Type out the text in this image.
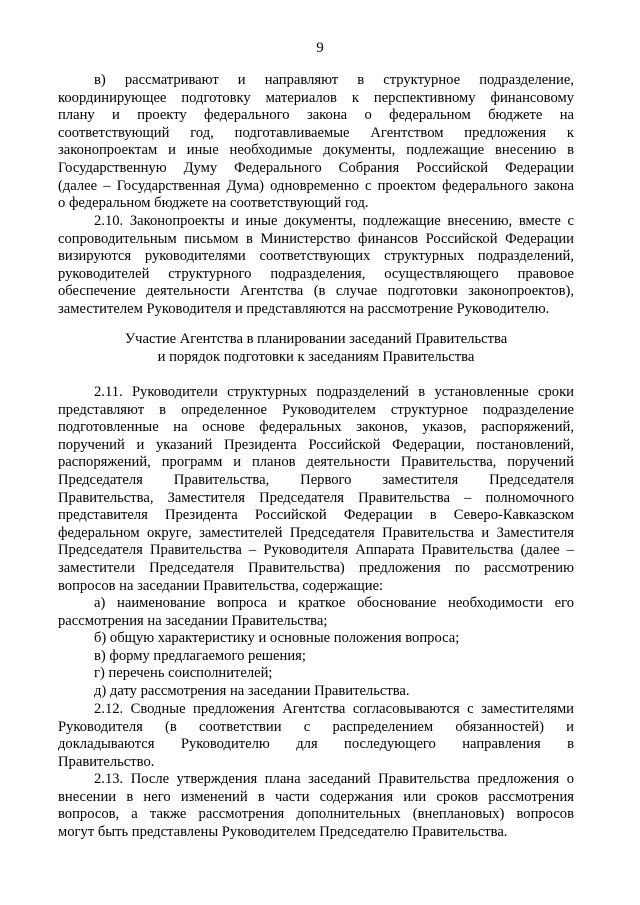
9
в) рассматривают и направляют в структурное подразделение,
координирующее подготовку материалов к перспективному финансовому
плану и проекту федерального закона о федеральном бюджете на
соответствующий год, подготавливаемые Агентством предложения к
законопроектам и иные необходимые документы, подлежащие внесению в
Государственную Думу Федерального Собрания Российской Федерации
(далее – Государственная Дума) одновременно с проектом федерального закона
о федеральном бюджете на соответствующий год.
2.10. Законопроекты и иные документы, подлежащие внесению, вместе с
сопроводительным письмом в Министерство финансов Российской Федерации
визируются руководителями соответствующих структурных подразделений,
руководителей структурного подразделения, осуществляющего правовое
обеспечение деятельности Агентства (в случае подготовки законопроектов),
заместителем Руководителя и представляются на рассмотрение Руководителю.
Участие Агентства в планировании заседаний Правительства
и порядок подготовки к заседаниям Правительства
2.11. Руководители структурных подразделений в установленные сроки
представляют в определенное Руководителем структурное подразделение
подготовленные на основе федеральных законов, указов, распоряжений,
поручений и указаний Президента Российской Федерации, постановлений,
распоряжений, программ и планов деятельности Правительства, поручений
Председателя Правительства, Первого заместителя Председателя
Правительства, Заместителя Председателя Правительства – полномочного
представителя Президента Российской Федерации в Северо-Кавказском
федеральном округе, заместителей Председателя Правительства и Заместителя
Председателя Правительства – Руководителя Аппарата Правительства (далее –
заместители Председателя Правительства) предложения по рассмотрению
вопросов на заседании Правительства, содержащие:
а) наименование вопроса и краткое обоснование необходимости его
рассмотрения на заседании Правительства;
б) общую характеристику и основные положения вопроса;
в) форму предлагаемого решения;
г) перечень соисполнителей;
д) дату рассмотрения на заседании Правительства.
2.12. Сводные предложения Агентства согласовываются с заместителями
Руководителя (в соответствии с распределением обязанностей) и
докладываются Руководителю для последующего направления в
Правительство.
2.13. После утверждения плана заседаний Правительства предложения о
внесении в него изменений в части содержания или сроков рассмотрения
вопросов, а также рассмотрения дополнительных (внеплановых) вопросов
могут быть представлены Руководителем Председателю Правительства.
